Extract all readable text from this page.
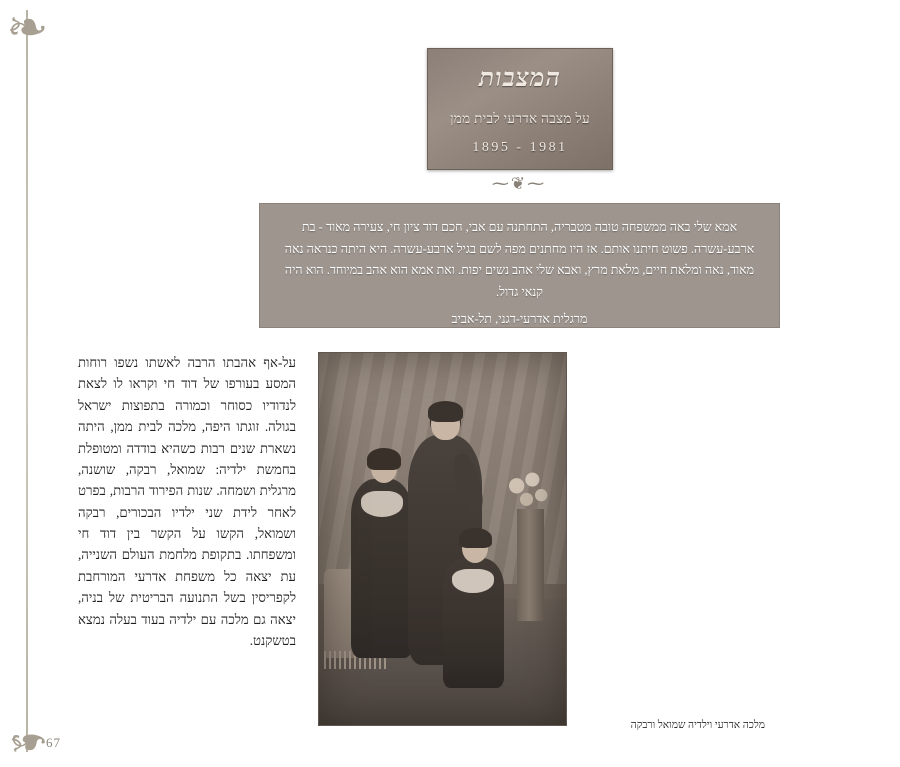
❧
❧
67
המצבות
על מצבה אדרעי לבית ממן
1895 - 1981
⁓❦⁓
אמא שלי באה ממשפחה טובה מטבריה, התחתנה עם אבי, חכם דוד ציון חי, צעירה מאוד - בת ארבע-עשרה. פשוט חיתנו אותם. אז היו מחתנים מפה לשם בגיל ארבע-עשרה. היא היתה כנראה נאה מאוד, נאה ומלאת חיים, מלאת מרץ, ואבא שלי אהב נשים יפות. ואת אמא הוא אהב במיוחד. הוא היה קנאי גדול.
מרגלית אדרעי-דגני, תל-אביב
על-אף אהבתו הרבה לאשתו נשפו רוחות המסע בעורפו של דוד חי וקראו לו לצאת לנדודיו כסוחר וכמורה בתפוצות ישראל בגולה. זוגתו היפה, מלכה לבית ממן, היתה נשארת שנים רבות כשהיא בודדה ומטופלת בחמשת ילדיה: שמואל, רבקה, שושנה, מרגלית ושמחה. שנות הפירוד הרבות, בפרט לאחר לידת שני ילדיו הבכורים, רבקה ושמואל, הקשו על הקשר בין דוד חי ומשפחתו. בתקופת מלחמת העולם השנייה, עת יצאה כל משפחת אדרעי המורחבת לקפריסין בשל התנועה הבריטית של בניה, יצאה גם מלכה עם ילדיה בעוד בעלה נמצא בטשקנט.
מלכה אדרעי וילדיה שמואל ורבקה
